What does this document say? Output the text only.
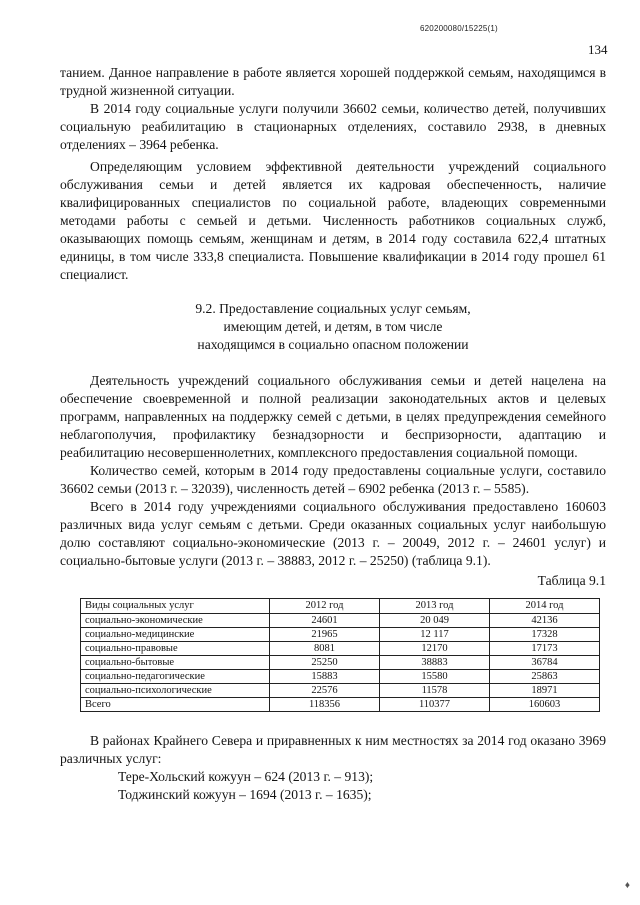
620200080/15225(1)
134

танием. Данное направление в работе является хорошей поддержкой семьям, находящимся в трудной жизненной ситуации.

В 2014 году социальные услуги получили 36602 семьи, количество детей, получивших социальную реабилитацию в стационарных отделениях, составило 2938, в дневных отделениях – 3964 ребенка.

Определяющим условием эффективной деятельности учреждений социального обслуживания семьи и детей является их кадровая обеспеченность, наличие квалифицированных специалистов по социальной работе, владеющих современными методами работы с семьей и детьми. Численность работников социальных служб, оказывающих помощь семьям, женщинам и детям, в 2014 году составила 622,4 штатных единицы, в том числе 333,8 специалиста. Повышение квалификации в 2014 году прошел 61 специалист.

9.2. Предоставление социальных услуг семьям,
имеющим детей, и детям, в том числе
находящимся в социально опасном положении

Деятельность учреждений социального обслуживания семьи и детей нацелена на обеспечение своевременной и полной реализации законодательных актов и целевых программ, направленных на поддержку семей с детьми, в целях предупреждения семейного неблагополучия, профилактику безнадзорности и беспризорности, адаптацию и реабилитацию несовершеннолетних, комплексного предоставления социальной помощи.

Количество семей, которым в 2014 году предоставлены социальные услуги, составило 36602 семьи (2013 г. – 32039), численность детей – 6902 ребенка (2013 г. – 5585).

Всего в 2014 году учреждениями социального обслуживания предоставлено 160603 различных вида услуг семьям с детьми. Среди оказанных социальных услуг наибольшую долю составляют социально-экономические (2013 г. – 20049, 2012 г. – 24601 услуг) и социально-бытовые услуги (2013 г. – 38883, 2012 г. – 25250) (таблица 9.1).

Таблица 9.1
Виды социальных услуг	2012 год	2013 год	2014 год
социально-экономические	24601	20 049	42136
социально-медицинские	21965	12 117	17328
социально-правовые	8081	12170	17173
социально-бытовые	25250	38883	36784
социально-педагогические	15883	15580	25863
социально-психологические	22576	11578	18971
Всего	118356	110377	160603

В районах Крайнего Севера и приравненных к ним местностях за 2014 год оказано 3969 различных услуг:

Тере-Хольский кожуун – 624 (2013 г. – 913);

Тоджинский кожуун – 1694 (2013 г. – 1635);

♦
